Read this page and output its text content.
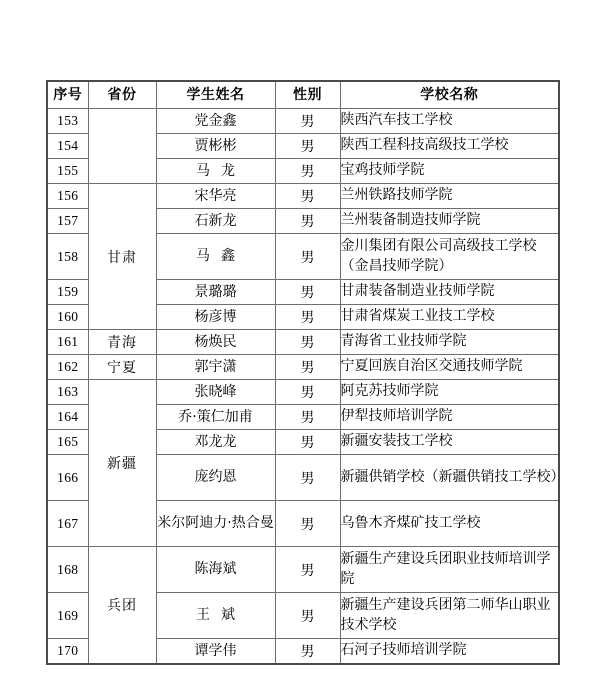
序号	省份	学生姓名	性别	学校名称
153		党金鑫	男	陕西汽车技工学校
154		贾彬彬	男	陕西工程科技高级技工学校
155		马龙	男	宝鸡技师学院
156	甘肃	宋华亮	男	兰州铁路技师学院
157		石新龙	男	兰州装备制造技师学院
158		马鑫	男	金川集团有限公司高级技工学校（金昌技师学院）
159		景璐璐	男	甘肃装备制造业技师学院
160		杨彦博	男	甘肃省煤炭工业技工学校
161	青海	杨焕民	男	青海省工业技师学院
162	宁夏	郭宇潇	男	宁夏回族自治区交通技师学院
163	新疆	张晓峰	男	阿克苏技师学院
164		乔·策仁加甫	男	伊犁技师培训学院
165		邓龙龙	男	新疆安装技工学校
166		庞约恩	男	新疆供销学校（新疆供销技工学校）
167		米尔阿迪力·热合曼	男	乌鲁木齐煤矿技工学校
168	兵团	陈海斌	男	新疆生产建设兵团职业技师培训学院
169		王斌	男	新疆生产建设兵团第二师华山职业技术学校
170		谭学伟	男	石河子技师培训学院
